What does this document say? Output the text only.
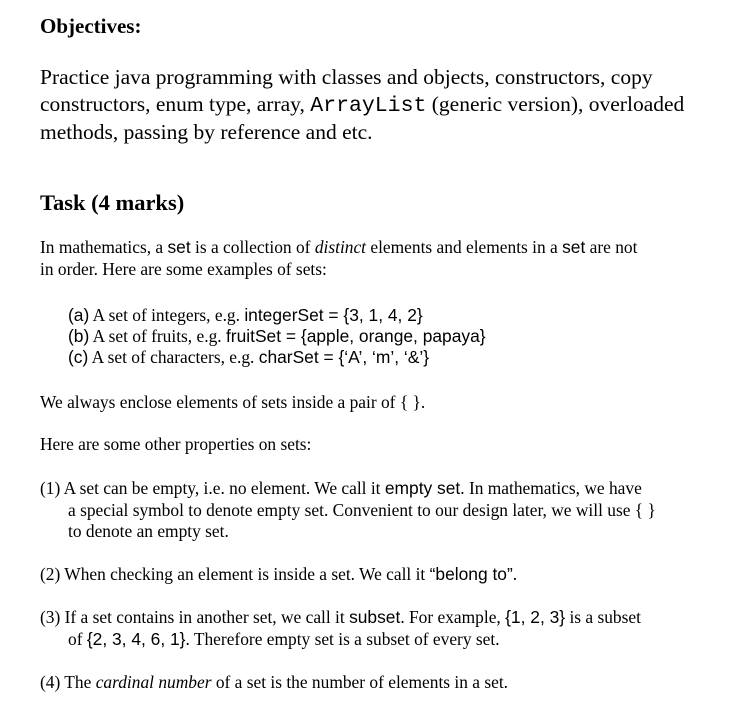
Objectives:
Practice java programming with classes and objects, constructors, copy
constructors, enum type, array, ArrayList (generic version), overloaded
methods, passing by reference and etc.
Task (4 marks)
In mathematics, a set is a collection of distinct elements and elements in a set are not
in order. Here are some examples of sets:
(a) A set of integers, e.g. integerSet = {3, 1, 4, 2}
(b) A set of fruits, e.g. fruitSet = {apple, orange, papaya}
(c) A set of characters, e.g. charSet = {‘A’, ‘m’, ‘&’}
We always enclose elements of sets inside a pair of { }.
Here are some other properties on sets:
(1) A set can be empty, i.e. no element. We call it empty set. In mathematics, we have
a special symbol to denote empty set. Convenient to our design later, we will use { }
to denote an empty set.
(2) When checking an element is inside a set. We call it “belong to”.
(3) If a set contains in another set, we call it subset. For example, {1, 2, 3} is a subset
of {2, 3, 4, 6, 1}. Therefore empty set is a subset of every set.
(4) The cardinal number of a set is the number of elements in a set.
